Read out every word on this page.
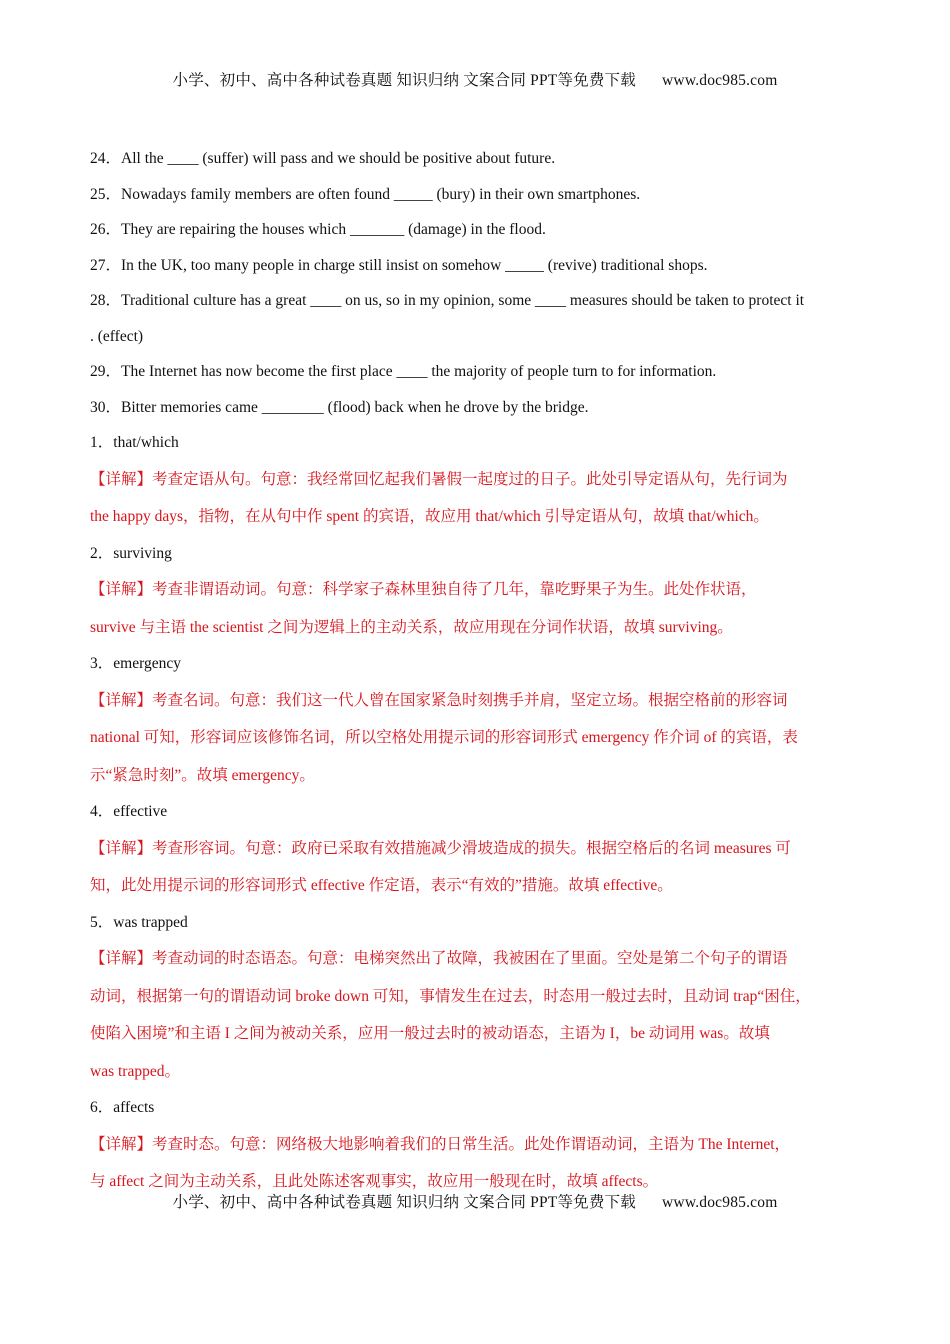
小学、初中、高中各种试卷真题 知识归纳 文案合同 PPT等免费下载 www.doc985.com
24．All the ____ (suffer) will pass and we should be positive about future.
25．Nowadays family members are often found _____ (bury) in their own smartphones.
26．They are repairing the houses which _______ (damage) in the flood.
27．In the UK, too many people in charge still insist on somehow _____ (revive) traditional shops.
28．Traditional culture has a great ____ on us, so in my opinion, some ____ measures should be taken to protect it
. (effect)
29．The Internet has now become the first place ____ the majority of people turn to for information.
30．Bitter memories came ________ (flood) back when he drove by the bridge.
1．that/which
【详解】考查定语从句。句意：我经常回忆起我们暑假一起度过的日子。此处引导定语从句，先行词为
the happy days，指物，在从句中作 spent 的宾语，故应用 that/which 引导定语从句，故填 that/which。
2．surviving
【详解】考查非谓语动词。句意：科学家子森林里独自待了几年，靠吃野果子为生。此处作状语，
survive 与主语 the scientist 之间为逻辑上的主动关系，故应用现在分词作状语，故填 surviving。
3．emergency
【详解】考查名词。句意：我们这一代人曾在国家紧急时刻携手并肩，坚定立场。根据空格前的形容词
national 可知，形容词应该修饰名词，所以空格处用提示词的形容词形式 emergency 作介词 of 的宾语，表
示“紧急时刻”。故填 emergency。
4．effective
【详解】考查形容词。句意：政府已采取有效措施减少滑坡造成的损失。根据空格后的名词 measures 可
知，此处用提示词的形容词形式 effective 作定语，表示“有效的”措施。故填 effective。
5．was trapped
【详解】考查动词的时态语态。句意：电梯突然出了故障，我被困在了里面。空处是第二个句子的谓语
动词，根据第一句的谓语动词 broke down 可知，事情发生在过去，时态用一般过去时，且动词 trap“困住，
使陷入困境”和主语 I 之间为被动关系，应用一般过去时的被动语态，主语为 I，be 动词用 was。故填
was trapped。
6．affects
【详解】考查时态。句意：网络极大地影响着我们的日常生活。此处作谓语动词，主语为 The Internet，
与 affect 之间为主动关系，且此处陈述客观事实，故应用一般现在时，故填 affects。
小学、初中、高中各种试卷真题 知识归纳 文案合同 PPT等免费下载 www.doc985.com
